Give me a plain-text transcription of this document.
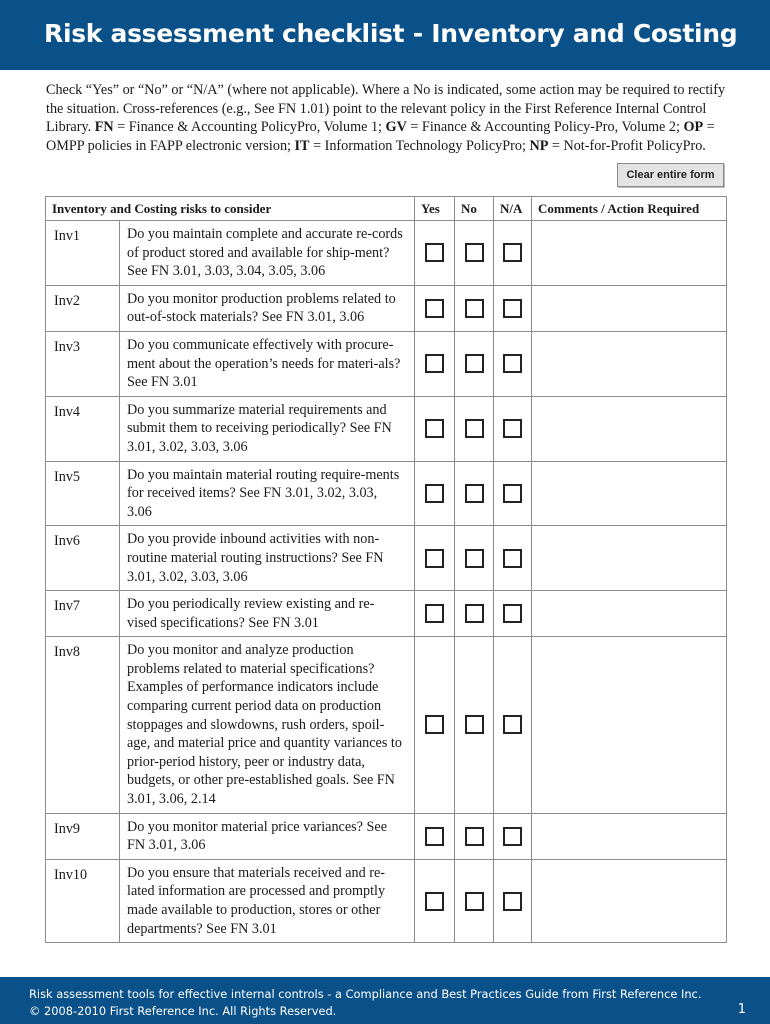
Risk assessment checklist - Inventory and Costing
Check “Yes” or “No” or “N/A” (where not applicable). Where a No is indicated, some action may be required to rectify the situation. Cross-references (e.g., See FN 1.01) point to the relevant policy in the First Reference Internal Control Library. FN = Finance & Accounting PolicyPro, Volume 1; GV = Finance & Accounting Policy-Pro, Volume 2; OP = OMPP policies in FAPP electronic version; IT = Information Technology PolicyPro; NP = Not-for-Profit PolicyPro.
Clear entire form
Inventory and Costing risks to consider		Yes	No	N/A	Comments / Action Required
Inv1	Do you maintain complete and accurate re-cords of product stored and available for ship-ment? See FN 3.01, 3.03, 3.04, 3.05, 3.06				
Inv2	Do you monitor production problems related to out-of-stock materials? See FN 3.01, 3.06				
Inv3	Do you communicate effectively with procure-ment about the operation’s needs for materi-als? See FN 3.01				
Inv4	Do you summarize material requirements and submit them to receiving periodically? See FN 3.01, 3.02, 3.03, 3.06				
Inv5	Do you maintain material routing require-ments for received items? See FN 3.01, 3.02, 3.03, 3.06				
Inv6	Do you provide inbound activities with non-routine material routing instructions? See FN 3.01, 3.02, 3.03, 3.06				
Inv7	Do you periodically review existing and re-vised specifications? See FN 3.01				
Inv8	Do you monitor and analyze production problems related to material specifications? Examples of performance indicators include comparing current period data on production stoppages and slowdowns, rush orders, spoil-age, and material price and quantity variances to prior-period history, peer or industry data, budgets, or other pre-established goals. See FN 3.01, 3.06, 2.14				
Inv9	Do you monitor material price variances? See FN 3.01, 3.06				
Inv10	Do you ensure that materials received and re-lated information are processed and promptly made available to production, stores or other departments? See FN 3.01				
Risk assessment tools for effective internal controls - a Compliance and Best Practices Guide from First Reference Inc.
© 2008-2010 First Reference Inc. All Rights Reserved.	1
